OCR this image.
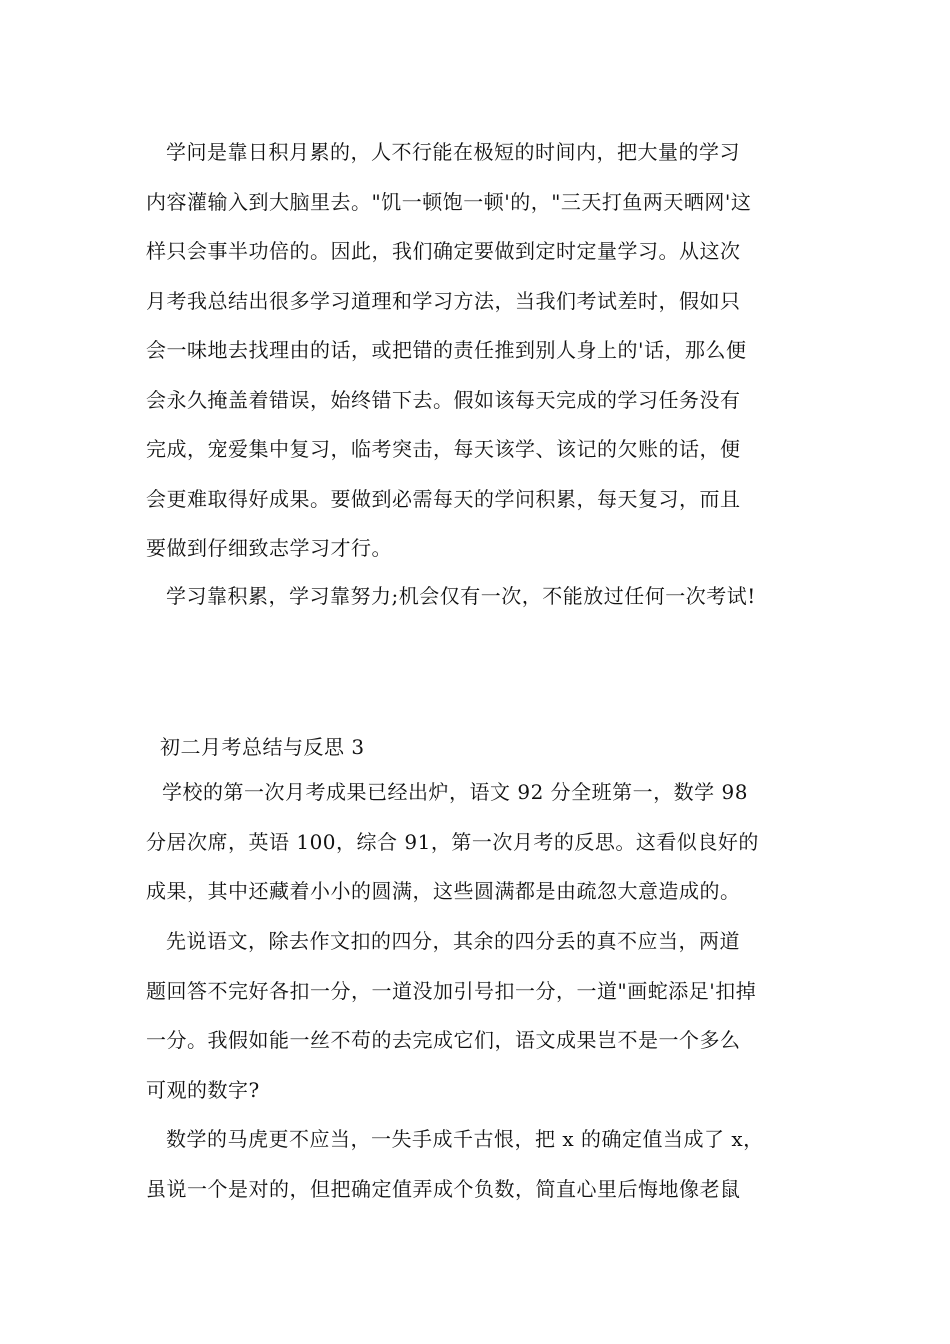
学问是靠日积月累的，人不行能在极短的时间内，把大量的学习
内容灌输入到大脑里去。"饥一顿饱一顿'的，"三天打鱼两天晒网'这
样只会事半功倍的。因此，我们确定要做到定时定量学习。从这次
月考我总结出很多学习道理和学习方法，当我们考试差时，假如只
会一味地去找理由的话，或把错的责任推到别人身上的'话，那么便
会永久掩盖着错误，始终错下去。假如该每天完成的学习任务没有
完成，宠爱集中复习，临考突击，每天该学、该记的欠账的话，便
会更难取得好成果。要做到必需每天的学问积累，每天复习，而且
要做到仔细致志学习才行。
学习靠积累，学习靠努力;机会仅有一次，不能放过任何一次考试!
初二月考总结与反思 3
学校的第一次月考成果已经出炉，语文 92 分全班第一，数学 98
分居次席，英语 100，综合 91，第一次月考的反思。这看似良好的
成果，其中还藏着小小的圆满，这些圆满都是由疏忽大意造成的。
先说语文，除去作文扣的四分，其余的四分丢的真不应当，两道
题回答不完好各扣一分，一道没加引号扣一分，一道"画蛇添足'扣掉
一分。我假如能一丝不苟的去完成它们，语文成果岂不是一个多么
可观的数字?
数学的马虎更不应当，一失手成千古恨，把 x 的确定值当成了 x，
虽说一个是对的，但把确定值弄成个负数，简直心里后悔地像老鼠
